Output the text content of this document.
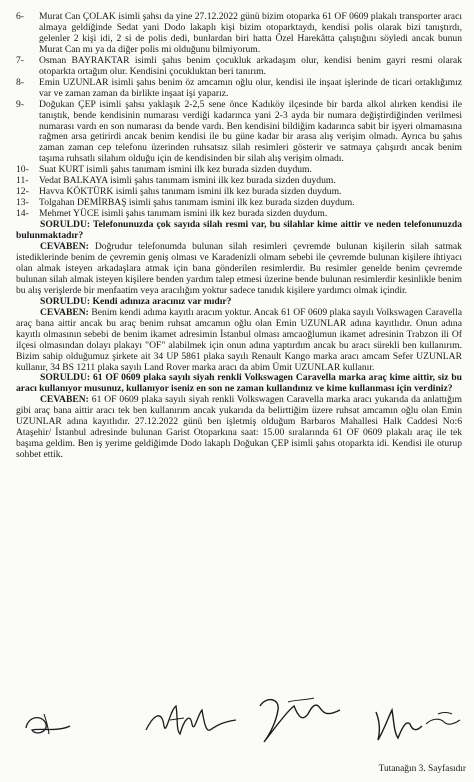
6-	Murat Can ÇOLAK isimli şahsı da yine 27.12.2022 günü bizim otoparka 61 OF 0609 plakalı transporter aracı almaya geldiğinde Sedat yani Dodo lakaplı kişi bizim otoparktaydı, kendisi polis olarak bizi tanıştırdı, gelenler 2 kişi idi, 2 si de polis dedi, bunlardan biri hatta Özel Harekâtta çalıştığını söyledi ancak bunun Murat Can mı ya da diğer polis mi olduğunu bilmiyorum.
7-	Osman BAYRAKTAR isimli şahıs benim çocukluk arkadaşım olur, kendisi benim gayri resmi olarak otoparkta ortağım olur. Kendisini çocukluktan beri tanırım.
8-	Emin UZUNLAR isimli şahıs benim öz amcamın oğlu olur, kendisi ile inşaat işlerinde de ticari ortaklığımız var ve zaman zaman da birlikte inşaat işi yaparız.
9-	Doğukan ÇEP isimli şahsı yaklaşık 2-2,5 sene önce Kadıköy ilçesinde bir barda alkol alırken kendisi ile tanıştık, bende kendisinin numarası verdiği kadarınca yani 2-3 ayda bir numara değiştirdiğinden verilmesi numarası vardı en son numarası da bende vardı. Ben kendisini bildiğim kadarınca sabit bir işyeri olmamasına rağmen arsa getirirdi ancak benim kendisi ile bu güne kadar bir arasa alış verişim olmadı. Ayrıca bu şahıs zaman zaman cep telefonu üzerinden ruhsatsız silah resimleri gösterir ve satmaya çalışırdı ancak benim taşıma ruhsatlı silahım olduğu için de kendisinden bir silah alış verişim olmadı.
10-	Suat KURT isimli şahıs tanımam ismini ilk kez burada sizden duydum.
11-	Vedat BALKAYA isimli şahıs tanımam ismini ilk kez burada sizden duydum.
12-	Havva KÖKTÜRK isimli şahıs tanımam ismini ilk kez burada sizden duydum.
13-	Tolgahan DEMİRBAŞ isimli şahıs tanımam ismini ilk kez burada sizden duydum.
14-	Mehmet YÜCE isimli şahıs tanımam ismini ilk kez burada sizden duydum.

SORULDU: Telefonunuzda çok sayıda silah resmi var, bu silahlar kime aittir ve neden telefonunuzda bulunmaktadır?

CEVABEN: Doğrudur telefonumda bulunan silah resimleri çevremde bulunan kişilerin silah satmak istediklerinde benim de çevremin geniş olması ve Karadenizli olmam sebebi ile çevremde bulunan kişilere ihtiyacı olan almak isteyen arkadaşlara atmak için bana gönderilen resimlerdir. Bu resimler genelde benim çevremde bulunan silah almak isteyen kişilere benden yardım talep etmesi üzerine bende bulunan resimlerdir kesinlikle benim bu alış verişlerde bir menfaatim veya aracılığım yoktur sadece tanıdık kişilere yardımcı olmak içindir.

SORULDU: Kendi adınıza aracınız var mıdır?

CEVABEN: Benim kendi adıma kayıtlı aracım yoktur. Ancak 61 OF 0609 plaka sayılı Volkswagen Caravella araç bana aittir ancak bu araç benim ruhsat amcamın oğlu olan Emin UZUNLAR adına kayıtlıdır. Onun adına kayıtlı olmasının sebebi de benim ikamet adresimin İstanbul olması amcaoğlumun ikamet adresinin Trabzon ili Of ilçesi olmasından dolayı plakayı "OF" alabilmek için onun adına yaptırdım ancak bu aracı sürekli ben kullanırım. Bizim sahip olduğumuz şirkete ait 34 UP 5861 plaka sayılı Renault Kango marka aracı amcam Sefer UZUNLAR kullanır, 34 BS 1211 plaka sayılı Land Rover marka aracı da abim Ümit UZUNLAR kullanır.

SORULDU: 61 OF 0609 plaka sayılı siyah renkli Volkswagen Caravella marka araç kime aittir, siz bu aracı kullanıyor musunuz, kullanıyor iseniz en son ne zaman kullandınız ve kime kullanması için verdiniz?

CEVABEN: 61 OF 0609 plaka sayılı siyah renkli Volkswagen Caravella marka aracı yukarıda da anlattığım gibi araç bana aittir aracı tek ben kullanırım ancak yukarıda da belirttiğim üzere ruhsat amcamın oğlu olan Emin UZUNLAR adına kayıtlıdır. 27.12.2022 günü ben işletmiş olduğum Barbaros Mahallesi Halk Caddesi No:6 Ataşehir/ İstanbul adresinde bulunan Garist Otoparkına saat: 15.00 sıralarında 61 OF 0609 plakalı araç ile tek başıma geldim. Ben iş yerime geldiğimde Dodo lakaplı Doğukan ÇEP isimli şahıs otoparkta idi. Kendisi ile oturup sohbet ettik.

Tutanağın 3. Sayfasıdır
